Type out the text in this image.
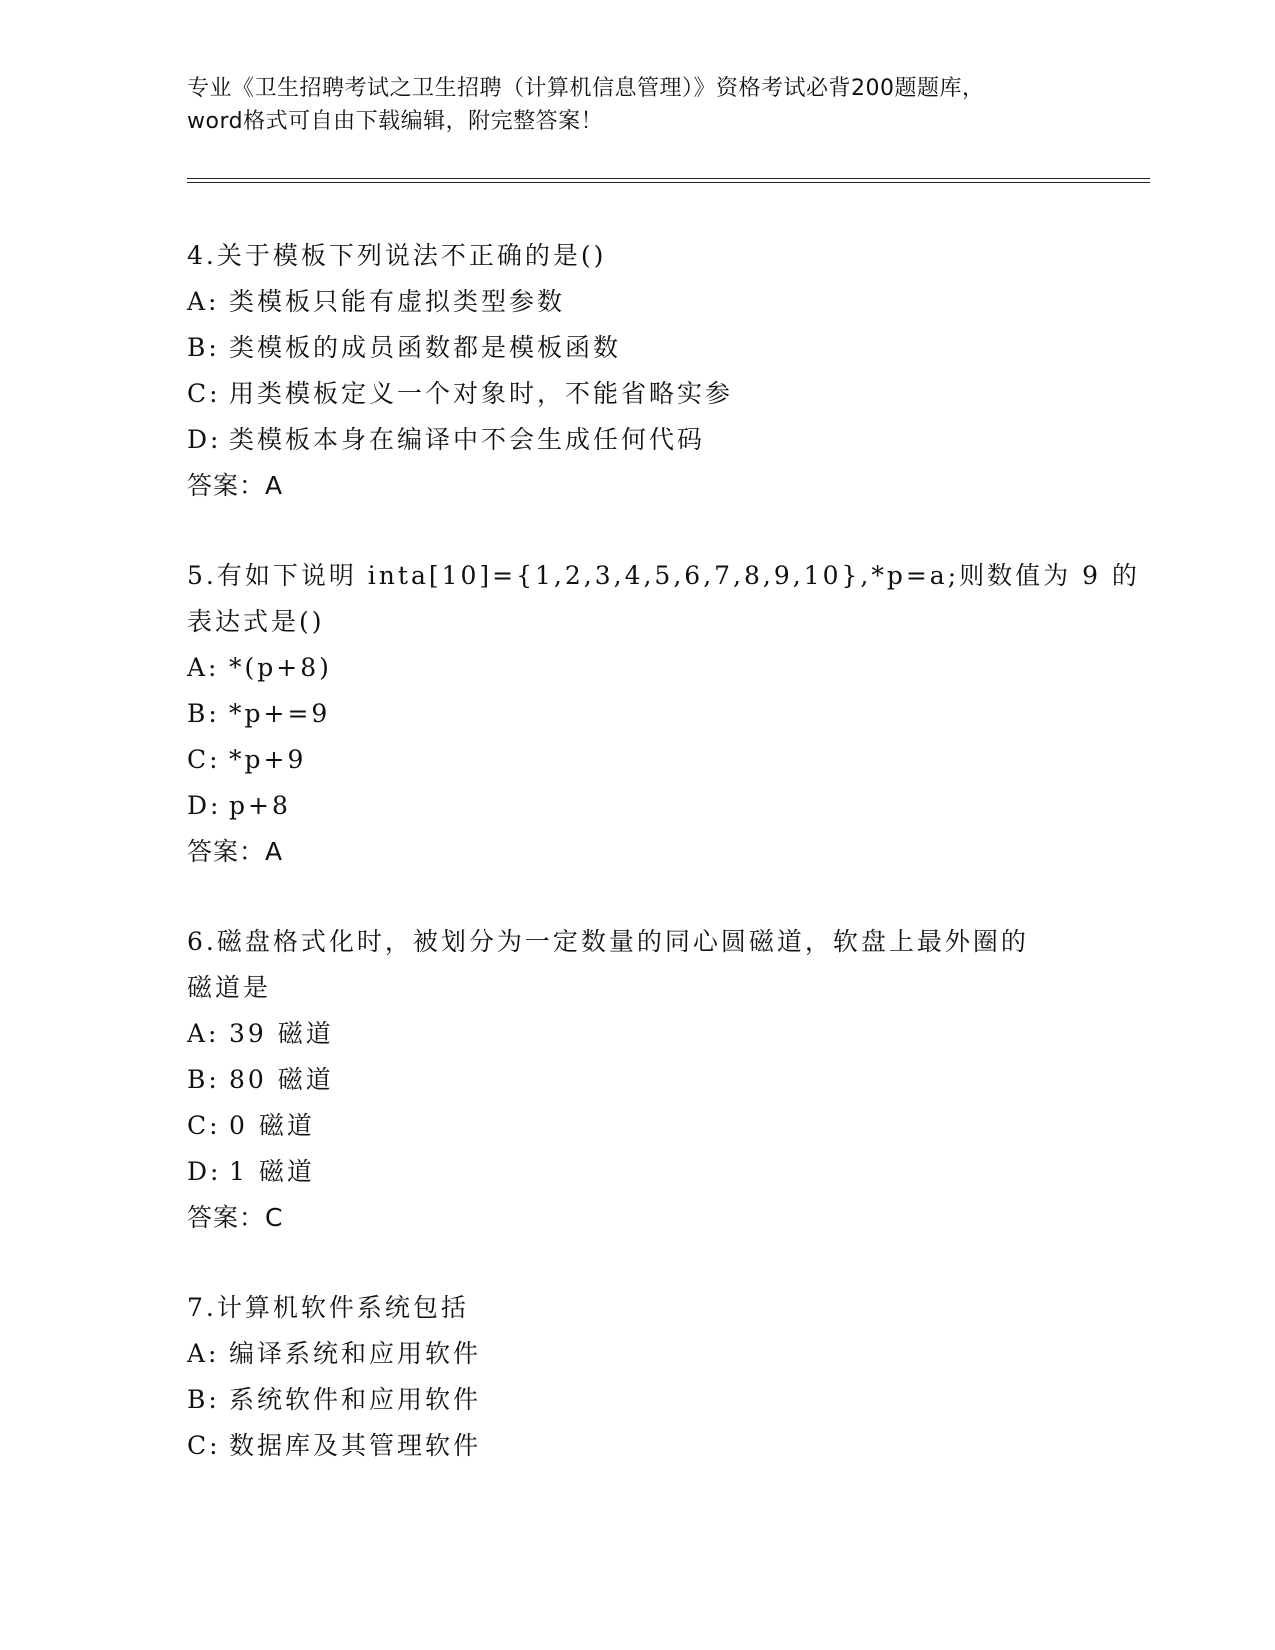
专业《卫生招聘考试之卫生招聘（计算机信息管理）》资格考试必背200题题库，
word格式可自由下载编辑，附完整答案！
4.关于模板下列说法不正确的是()
A: 类模板只能有虚拟类型参数
B: 类模板的成员函数都是模板函数
C: 用类模板定义一个对象时，不能省略实参
D: 类模板本身在编译中不会生成任何代码
答案：A
5.有如下说明 inta[10]={1,2,3,4,5,6,7,8,9,10},*p=a;则数值为 9 的
表达式是()
A: *(p+8)
B: *p+=9
C: *p+9
D: p+8
答案：A
6.磁盘格式化时，被划分为一定数量的同心圆磁道，软盘上最外圈的
磁道是
A: 39 磁道
B: 80 磁道
C: 0 磁道
D: 1 磁道
答案：C
7.计算机软件系统包括
A: 编译系统和应用软件
B: 系统软件和应用软件
C: 数据库及其管理软件
